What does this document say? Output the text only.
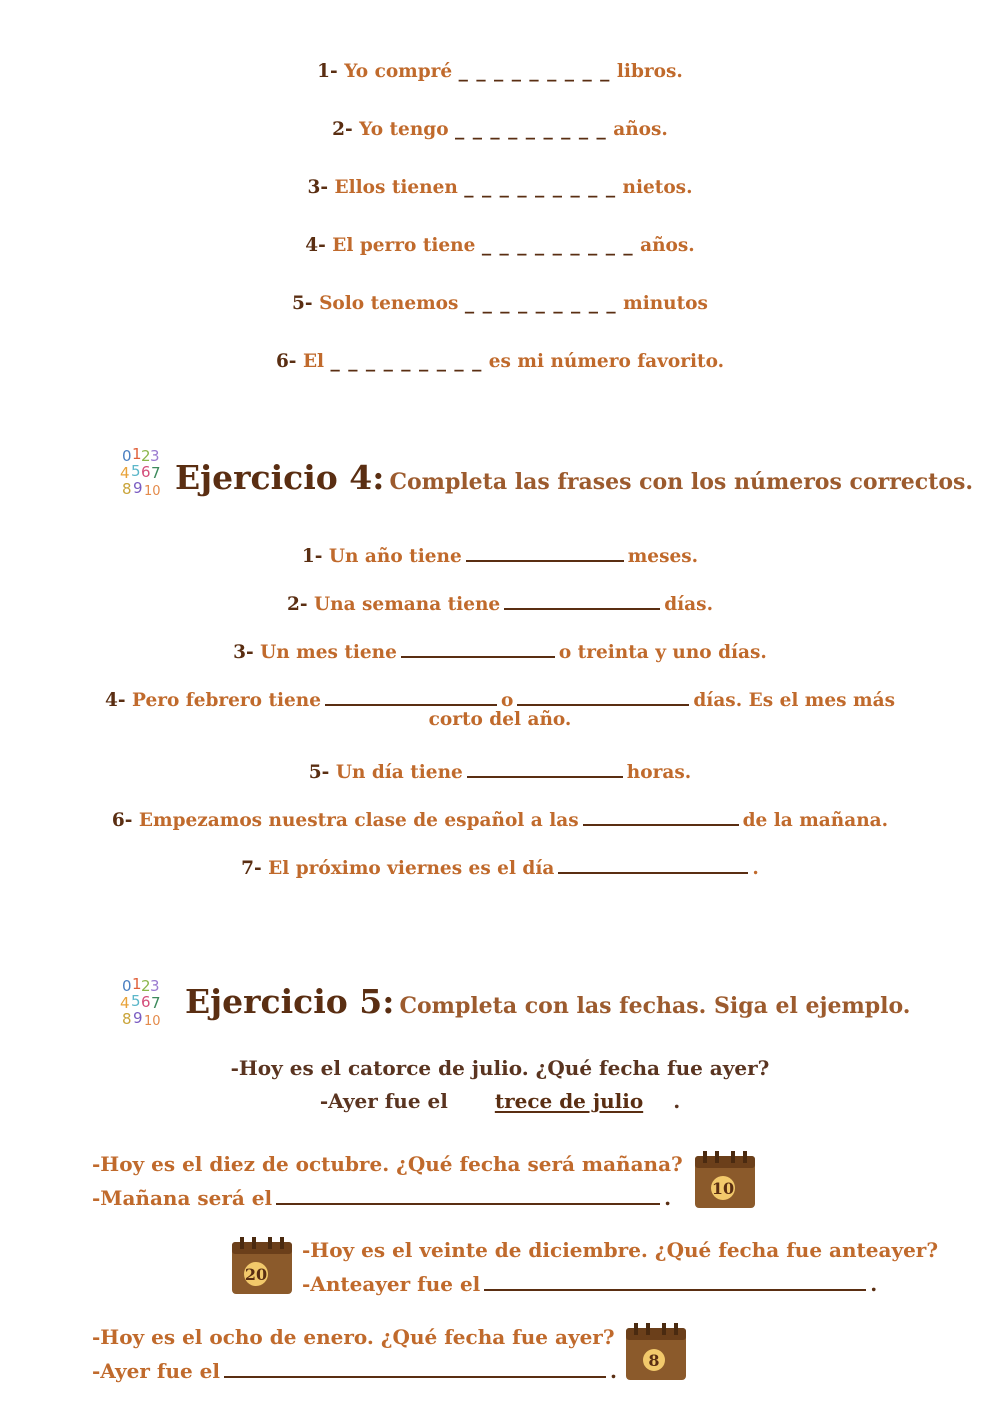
1- Yo compré _ _ _ _ _ _ _ _ _ libros.
2- Yo tengo _ _ _ _ _ _ _ _ _ años.
3- Ellos tienen _ _ _ _ _ _ _ _ _ nietos.
4- El perro tiene _ _ _ _ _ _ _ _ _ años.
5- Solo tenemos _ _ _ _ _ _ _ _ _ minutos
6- El _ _ _ _ _ _ _ _ _ es mi número favorito.
0 1 2 3
4 5 6 7
8 9 10 Ejercicio 4: Completa las frases con los números correctos.
1- Un año tiene	meses.
2- Una semana tiene	días.
3- Un mes tiene	o treinta y uno días.
4- Pero febrero tiene	o	días. Es el mes más
corto del año.
5- Un día tiene	horas.
6- Empezamos nuestra clase de español a las	de la mañana.
7- El próximo viernes es el día	.
0 1 2 3
4 5 6 7
8 9 10
Ejercicio 5: Completa con las fechas. Siga el ejemplo.
-Hoy es el catorce de julio. ¿Qué fecha fue ayer?
-Ayer fue el trece de julio .
-Hoy es el diez de octubre. ¿Qué fecha será mañana?
-Mañana será el	.	10
20
-Hoy es el veinte de diciembre. ¿Qué fecha fue anteayer?
-Anteayer fue el	.
-Hoy es el ocho de enero. ¿Qué fecha fue ayer?
-Ayer fue el	. 8
